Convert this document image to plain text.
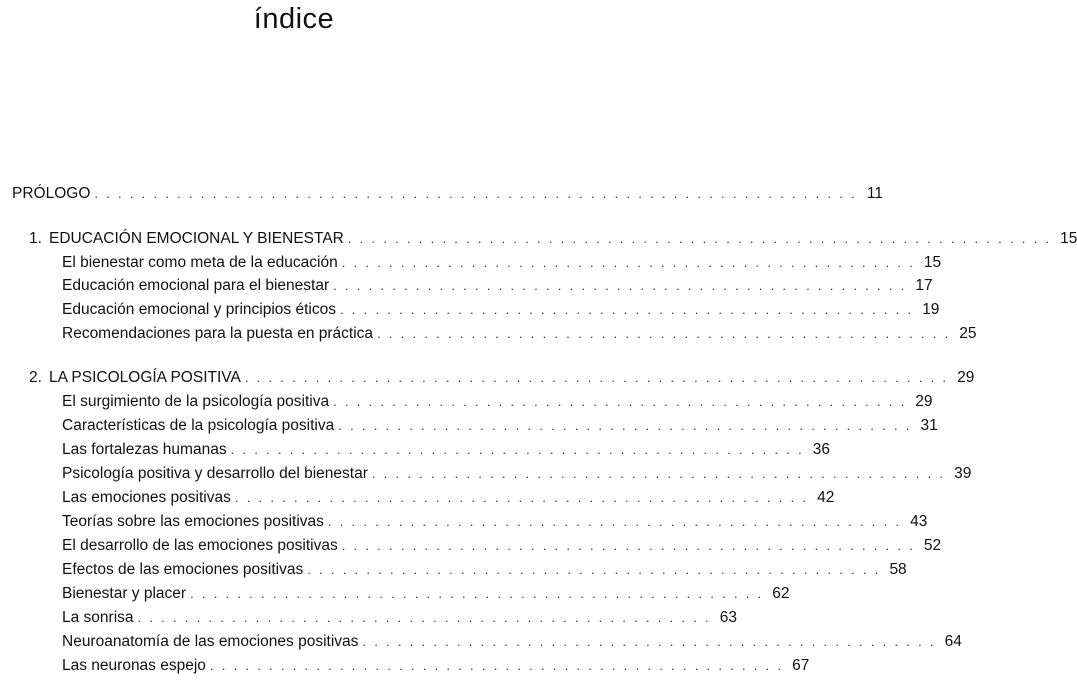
índice
PRÓLOGO . . . . . . . . . . . . . . . . . . . . . . . . . . . . . . . . . . . . . . . . . . . . . . . . . . . . . . . . . . . . . . . . . 11
1. EDUCACIÓN EMOCIONAL Y BIENESTAR . . . . . . . . . . . . . . . . . . . . . . . . . . . . . . . . . . . . . . . . . . . . . . . . . . . . . . . . . . . . 15
El bienestar como meta de la educación . . . . . . . . . . . . . . . . . . . . . . . . . . . . . . . . . . . . . . . . . . . . . . . . . 15
Educación emocional para el bienestar . . . . . . . . . . . . . . . . . . . . . . . . . . . . . . . . . . . . . . . . . . . . . . . . . 17
Educación emocional y principios éticos . . . . . . . . . . . . . . . . . . . . . . . . . . . . . . . . . . . . . . . . . . . . . . . . . 19
Recomendaciones para la puesta en práctica . . . . . . . . . . . . . . . . . . . . . . . . . . . . . . . . . . . . . . . . . . . . . . . . . 25
2. LA PSICOLOGÍA POSITIVA . . . . . . . . . . . . . . . . . . . . . . . . . . . . . . . . . . . . . . . . . . . . . . . . . . . . . . . . . . . . 29
El surgimiento de la psicología positiva . . . . . . . . . . . . . . . . . . . . . . . . . . . . . . . . . . . . . . . . . . . . . . . . . 29
Características de la psicología positiva . . . . . . . . . . . . . . . . . . . . . . . . . . . . . . . . . . . . . . . . . . . . . . . . . 31
Las fortalezas humanas . . . . . . . . . . . . . . . . . . . . . . . . . . . . . . . . . . . . . . . . . . . . . . . . . 36
Psicología positiva y desarrollo del bienestar . . . . . . . . . . . . . . . . . . . . . . . . . . . . . . . . . . . . . . . . . . . . . . . . . 39
Las emociones positivas . . . . . . . . . . . . . . . . . . . . . . . . . . . . . . . . . . . . . . . . . . . . . . . . . 42
Teorías sobre las emociones positivas . . . . . . . . . . . . . . . . . . . . . . . . . . . . . . . . . . . . . . . . . . . . . . . . . 43
El desarrollo de las emociones positivas . . . . . . . . . . . . . . . . . . . . . . . . . . . . . . . . . . . . . . . . . . . . . . . . . 52
Efectos de las emociones positivas . . . . . . . . . . . . . . . . . . . . . . . . . . . . . . . . . . . . . . . . . . . . . . . . . 58
Bienestar y placer . . . . . . . . . . . . . . . . . . . . . . . . . . . . . . . . . . . . . . . . . . . . . . . . . 62
La sonrisa . . . . . . . . . . . . . . . . . . . . . . . . . . . . . . . . . . . . . . . . . . . . . . . . . 63
Neuroanatomía de las emociones positivas . . . . . . . . . . . . . . . . . . . . . . . . . . . . . . . . . . . . . . . . . . . . . . . . . 64
Las neuronas espejo . . . . . . . . . . . . . . . . . . . . . . . . . . . . . . . . . . . . . . . . . . . . . . . . . 67
